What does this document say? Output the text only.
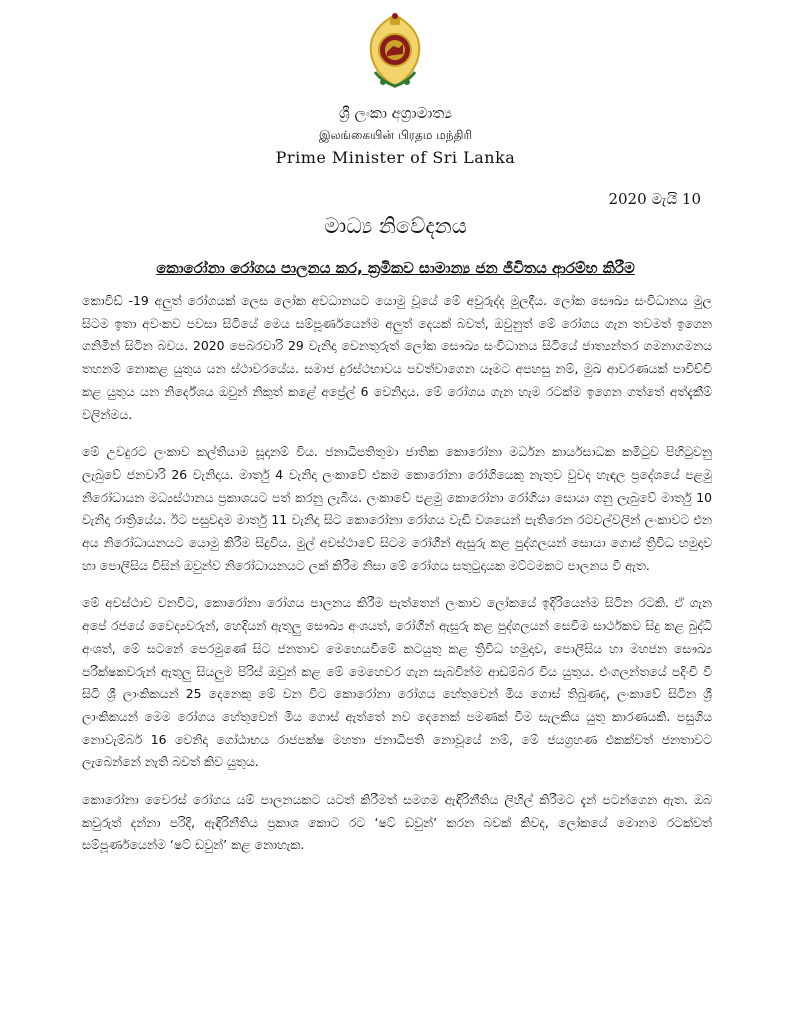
ශ්‍රී ලංකා අග්‍රාමාත්‍ය
இலங்கையின் பிரதம மந்திரி
Prime Minister of Sri Lanka
2020 මැයි 10
මාධ්‍ය නිවේදනය
කොරෝනා රෝගය පාලනය කර, ක්‍රමිකව සාමාන්‍ය ජන ජීවිතය ආරම්භ කිරීම

කොවිඩ් -19 අලුත් රෝගයක් ලෙස ලෝක අවධානයට යොමු වූයේ මේ අවුරුද්ද මුලදීය. ලෝක සෞඛ්‍ය සංවිධානය මුල සිටම ඉතා අවංකව පවසා සිටියේ මෙය සම්පූර්ණයෙන්ම අලුත් දෙයක් බවත්, ඔවුනුත් මේ රෝගය ගැන තවමත් ඉගෙන ගනිමින් සිටින බවය. 2020 පෙබරවාරි 29 වැනිදා වෙනතුරුත් ලෝක සෞඛ්‍ය සංවිධානය සිටියේ ජාත්‍යන්තර ගමනාගමනය තහනම් නොකළ යුතුය යන ස්ථාවරයේය. සමාජ දුරස්ථභාවය පවත්වාගෙන යෑමට අපහසු නම්, මුඛ ආවරණයක් පාවිච්චි කළ යුතුය යන නිර්දේශය ඔවුන් නිකුත් කළේ අප්‍රේල් 6 වෙනිදාය. මේ රෝගය ගැන හැම රටක්ම ඉගෙන ගත්තේ අත්දැකීම් වලින්මය.

මේ උවදුරට ලංකාව කල්තියාම සූදානම් විය. ජනාධිපතිතුමා ජාතික කොරෝනා මර්ධන කාර්යසාධක කමිටුව පිහිටුවනු ලැබුවේ ජනවාරි 26 වැනිදාය. මාර්තු 4 වැනිදා ලංකාවේ එකම කොරෝනා රෝගියෙකු නැතුව වුවද හැඳල ප්‍රදේශයේ පළමු නිරෝධායන මධ්‍යස්ථානය ප්‍රකාශයට පත් කරනු ලැබීය. ලංකාවේ පළමු කොරෝනා රෝගියා සොයා ගනු ලැබුවේ මාර්තු 10 වැනිදා රාත්‍රියේය. ඊට පසුවදාම මාර්තු 11 වැනිදා සිට කොරෝනා රෝගය වැඩි වශයෙන් පැතිරෙන රටවල්වලින් ලංකාවට එන අය නිරෝධායනයට යොමු කිරීම සිදුවිය. මුල් අවස්ථාවේ සිටම රෝගීන් ඇසුරු කළ පුද්ගලයන් සොයා ගොස් ත්‍රිවිධ හමුදාව හා පොලීසිය විසින් ඔවුන්ව නිරෝධායනයට ලක් කිරීම නිසා මේ රෝගය සතුටුදායක මට්ටමකට පාලනය වී ඇත.

මේ අවස්ථාව වනවිට, කොරෝනා රෝගය පාලනය කිරීම පැත්තෙන් ලංකාව ලෝකයේ ඉදිරියෙන්ම සිටින රටකි. ඒ ගැන අපේ රජයේ වෛද්‍යවරුන්, හෙදියන් ඇතුලු සෞඛ්‍ය අංශයත්, රෝගීන් ඇසුරු කළ පුද්ගලයන් සෙවීම සාර්ථකව සිදු කළ බුද්ධි අංශත්, මේ සටනේ පෙරමුණේ සිට ජනතාව මෙහෙයවීමේ කටයුතු කළ ත්‍රිවිධ හමුදාව, පොලීසිය හා මහජන සෞඛ්‍ය පරීක්ෂකවරුන් ඇතුලු සියලුම පිරිස් ඔවුන් කළ මේ මෙහෙවර ගැන සැබවින්ම ආඩම්බර විය යුතුය. එංගලන්තයේ පදිංචි වී සිටි ශ්‍රී ලාංකිකයන් 25 දෙනෙකු මේ වන විට කොරෝනා රෝගය හේතුවෙන් මිය ගොස් තිබුණද, ලංකාවේ සිටින ශ්‍රී ලාංකිකයන් මෙම රෝගය හේතුවෙන් මිය ගොස් ඇත්තේ නව දෙනෙක් පමණක් වීම සැලකිය යුතු කාරණයකි. පසුගිය නොවැම්බර් 16 වෙනිදා ගෝඨාභය රාජපක්ෂ මහතා ජනාධිපති නොවූයේ නම්, මේ ජයග්‍රහණ එකක්වත් ජනතාවට ලැබෙන්නේ නැති බවත් කිව යුතුය.

කොරෝනා වෛරස් රෝගය යම් පාලනයකට යටත් කිරීමත් සමගම ඇඳිරිනීතිය ලිහිල් කිරීමට දැන් පටන්ගෙන ඇත. ඔබ කවුරුත් දන්නා පරිදි, ඇඳිරිනීතිය ප්‍රකාශ කොට රට ‘ෂට් ඩවුන්’ කරන බවක් කිවද, ලෝකයේ මොනම රටක්වත් සම්පූර්ණයෙන්ම ‘ෂට් ඩවුන්’ කළ නොහැක.
